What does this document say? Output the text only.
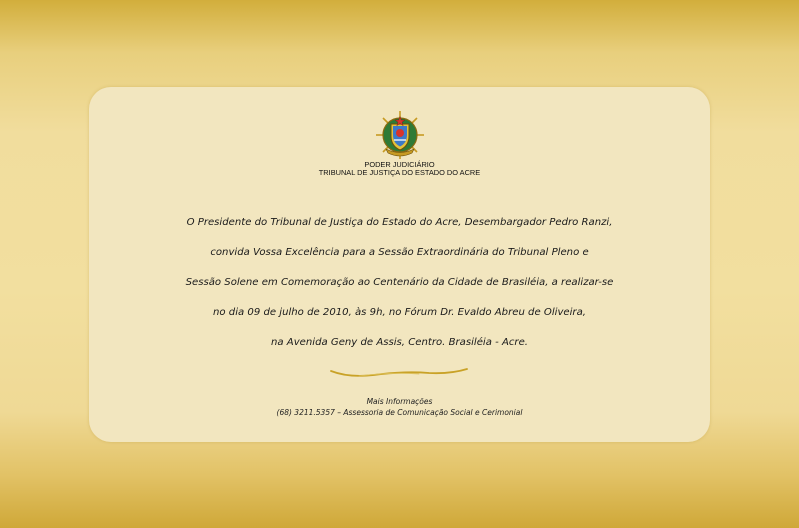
PODER JUDICIÁRIO
TRIBUNAL DE JUSTIÇA DO ESTADO DO ACRE
O Presidente do Tribunal de Justiça do Estado do Acre, Desembargador Pedro Ranzi,
convida Vossa Excelência para a Sessão Extraordinária do Tribunal Pleno e
Sessão Solene em Comemoração ao Centenário da Cidade de Brasiléia, a realizar-se
no dia 09 de julho de 2010, às 9h, no Fórum Dr. Evaldo Abreu de Oliveira,
na Avenida Geny de Assis, Centro. Brasiléia - Acre.
Mais Informações
(68) 3211.5357 – Assessoria de Comunicação Social e Cerimonial
